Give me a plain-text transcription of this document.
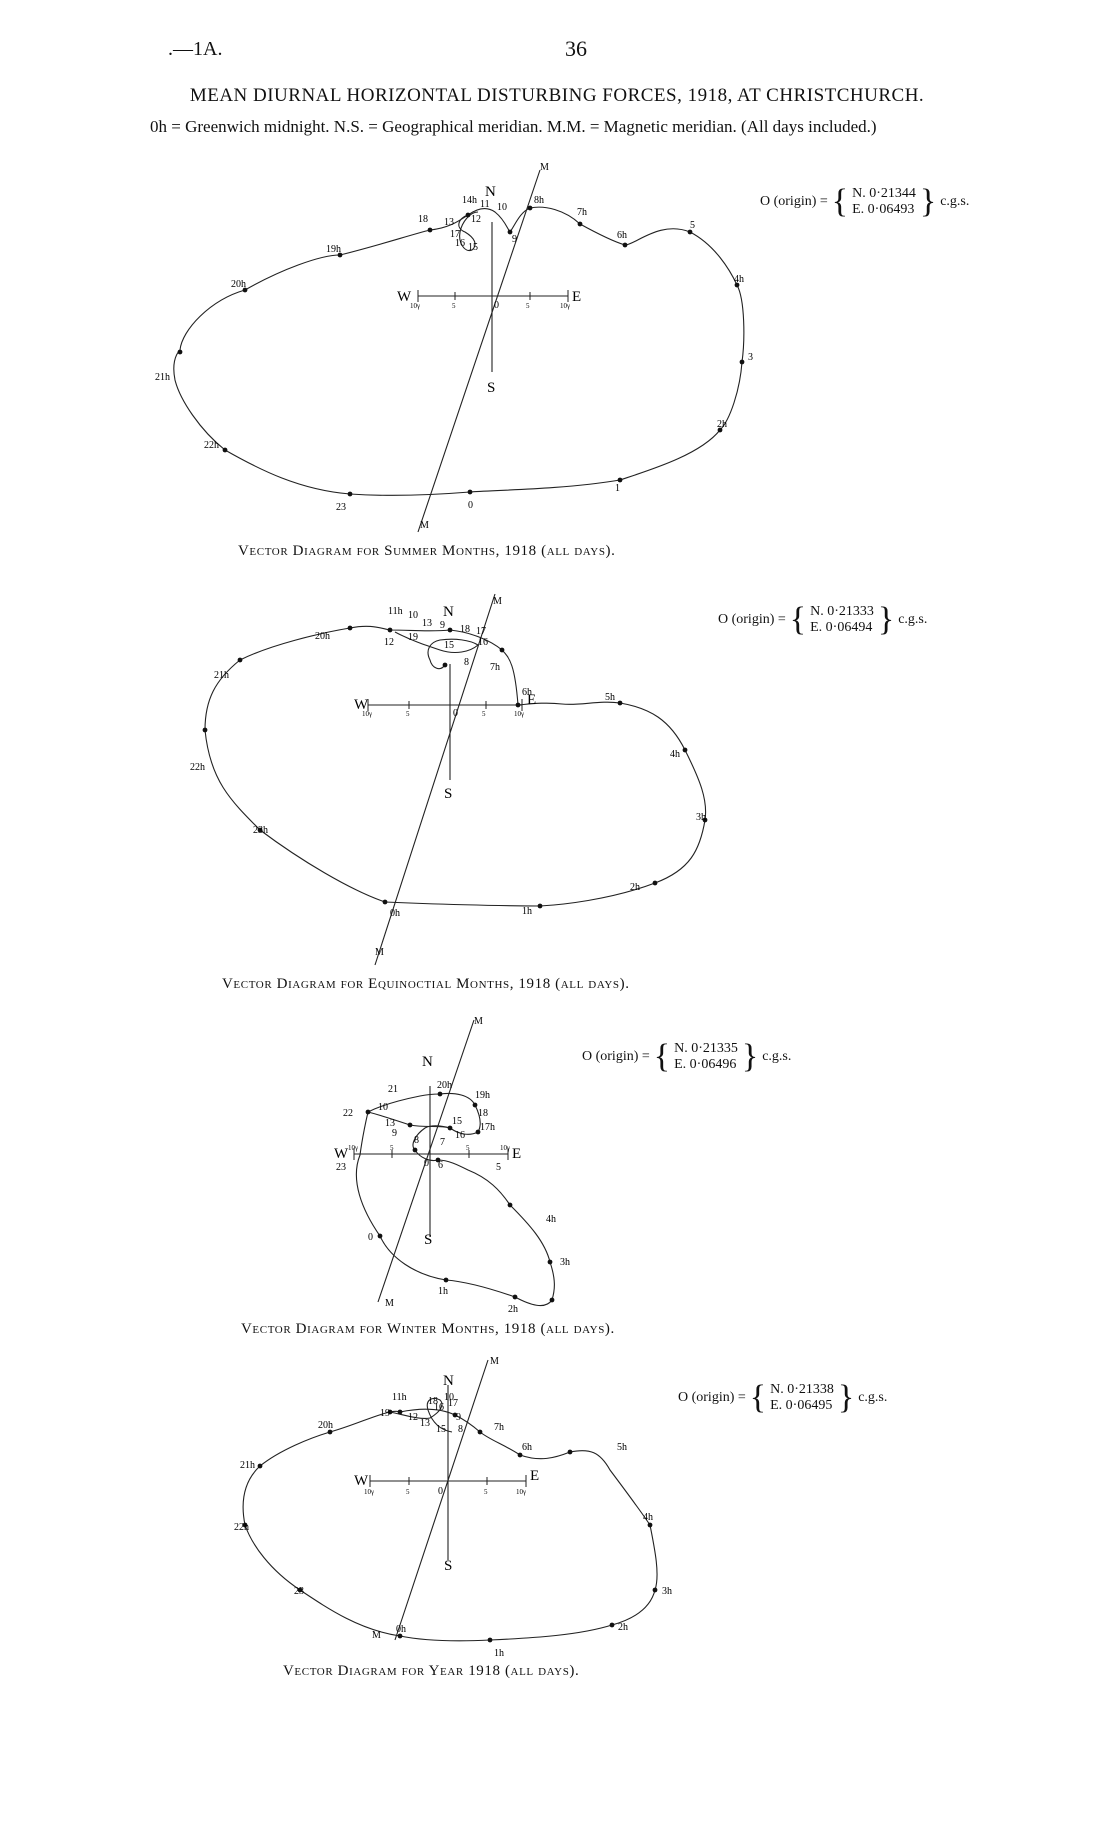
.—1A.	36
MEAN DIURNAL HORIZONTAL DISTURBING FORCES, 1918, AT CHRISTCHURCH.
0h = Greenwich midnight. N.S. = Geographical meridian. M.M. = Magnetic meridian. (All days included.)
O (origin) = { N. 0·21344
E. 0·06493 } c.g.s.
O (origin) = { N. 0·21333
E. 0·06494 } c.g.s.
O (origin) = { N. 0·21335
E. 0·06496 } c.g.s.
O (origin) = { N. 0·21338
E. 0·06495 } c.g.s.
N
S
W	E
M
M
0
5	5
10γ	10γ
0
1
2h
3
4h
5
6h
7h
8h
9
10
11
12
13
14h
15
16
17
18
19h
20h
21h
22h
23
N
S
W	E
M
M
0
5	5
10γ	10γ
0h	1h
2h
3h
4h
5h
6h
7h
8
9
10
11h
12
13
15 16
17
18
19
20h
21h
22h
23h
N
S
W	E
M
M
0
5	5
10γ	10γ
0
1h
2h
3h
4h
5
6
7
8
9
10
13	15
16
17h
18
19h
20h
21
22
23
N
S
W	E
M
M
0
5	5
10γ	10γ
0h
1h
2h
3h
4h
5h
6h
7h
8
9
10
11h
12
13
15
16 17
18
19
20h
21h
22h
23
Vector Diagram for Summer Months, 1918 (all days).
Vector Diagram for Equinoctial Months, 1918 (all days).
Vector Diagram for Winter Months, 1918 (all days).
Vector Diagram for Year 1918 (all days).
